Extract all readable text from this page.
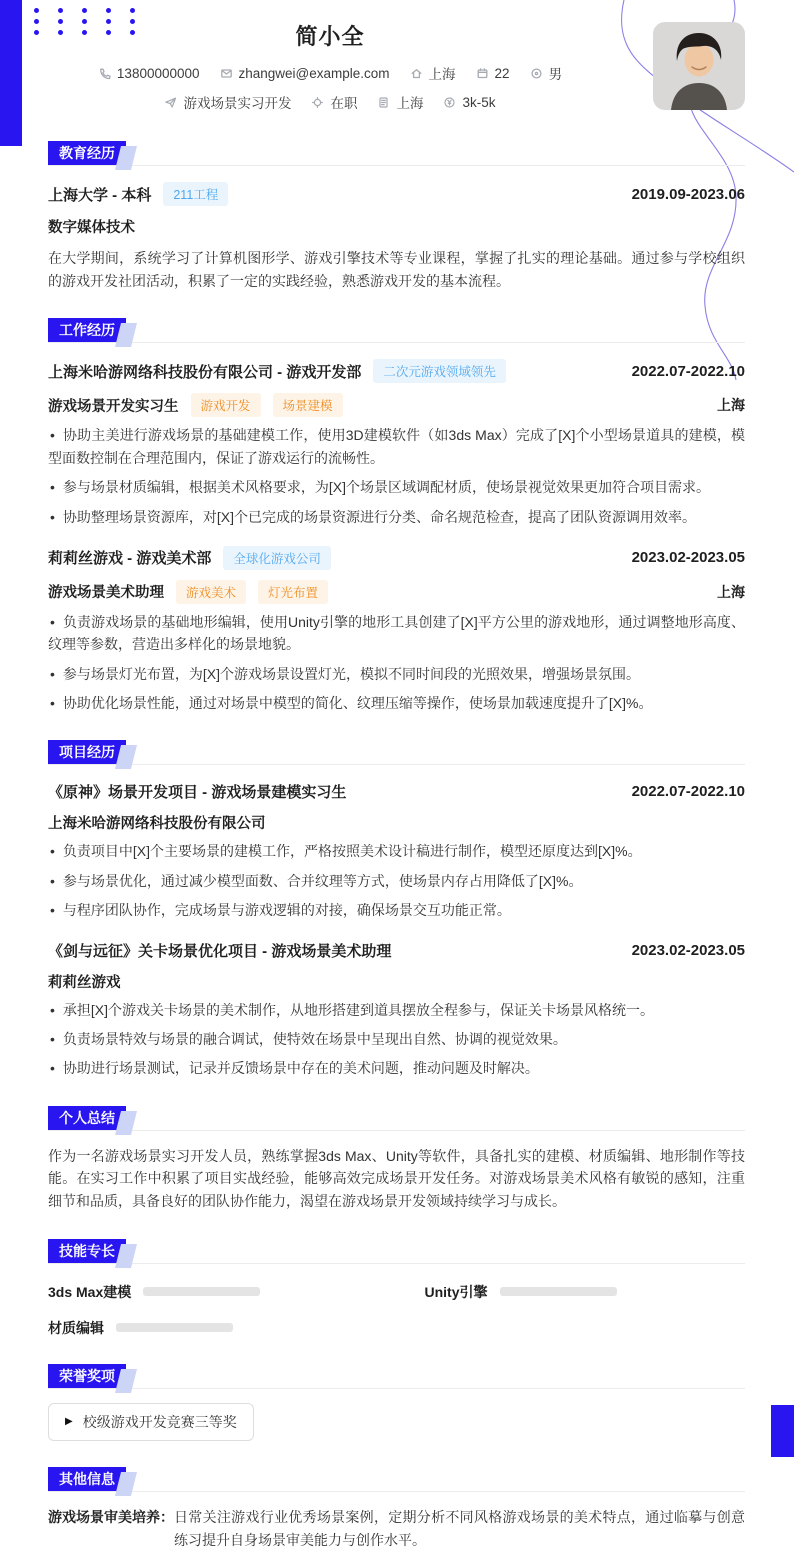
简小全
13800000000	zhangwei@example.com	上海	22	男
游戏场景实习开发	在职	上海	3k-5k
教育经历
上海大学 - 本科	211工程	2019.09-2023.06
数字媒体技术

在大学期间，系统学习了计算机图形学、游戏引擎技术等专业课程，掌握了扎实的理论基础。通过参与学校组织的游戏开发社团活动，积累了一定的实践经验，熟悉游戏开发的基本流程。

工作经历
上海米哈游网络科技股份有限公司 - 游戏开发部	二次元游戏领域领先	2022.07-2022.10
游戏场景开发实习生	游戏开发	场景建模	上海

• 协助主美进行游戏场景的基础建模工作，使用3D建模软件（如3ds Max）完成了[X]个小型场景道具的建模，模型面数控制在合理范围内，保证了游戏运行的流畅性。

• 参与场景材质编辑，根据美术风格要求，为[X]个场景区域调配材质，使场景视觉效果更加符合项目需求。

• 协助整理场景资源库，对[X]个已完成的场景资源进行分类、命名规范检查，提高了团队资源调用效率。

莉莉丝游戏 - 游戏美术部	全球化游戏公司	2023.02-2023.05
游戏场景美术助理	游戏美术	灯光布置	上海

• 负责游戏场景的基础地形编辑，使用Unity引擎的地形工具创建了[X]平方公里的游戏地形，通过调整地形高度、纹理等参数，营造出多样化的场景地貌。

• 参与场景灯光布置，为[X]个游戏场景设置灯光，模拟不同时间段的光照效果，增强场景氛围。

• 协助优化场景性能，通过对场景中模型的简化、纹理压缩等操作，使场景加载速度提升了[X]%。

项目经历
《原神》场景开发项目 - 游戏场景建模实习生	2022.07-2022.10
上海米哈游网络科技股份有限公司

• 负责项目中[X]个主要场景的建模工作，严格按照美术设计稿进行制作，模型还原度达到[X]%。

• 参与场景优化，通过减少模型面数、合并纹理等方式，使场景内存占用降低了[X]%。

• 与程序团队协作，完成场景与游戏逻辑的对接，确保场景交互功能正常。

《剑与远征》关卡场景优化项目 - 游戏场景美术助理	2023.02-2023.05
莉莉丝游戏

• 承担[X]个游戏关卡场景的美术制作，从地形搭建到道具摆放全程参与，保证关卡场景风格统一。

• 负责场景特效与场景的融合调试，使特效在场景中呈现出自然、协调的视觉效果。

• 协助进行场景测试，记录并反馈场景中存在的美术问题，推动问题及时解决。

个人总结

作为一名游戏场景实习开发人员，熟练掌握3ds Max、Unity等软件，具备扎实的建模、材质编辑、地形制作等技能。在实习工作中积累了项目实战经验，能够高效完成场景开发任务。对游戏场景美术风格有敏锐的感知，注重细节和品质，具备良好的团队协作能力，渴望在游戏场景开发领域持续学习与成长。

技能专长
3ds Max建模	Unity引擎
材质编辑
荣誉奖项
▶ 校级游戏开发竞赛三等奖
其他信息
游戏场景审美培养： 日常关注游戏行业优秀场景案例，定期分析不同风格游戏场景的美术特点，通过临摹与创意练习提升自身场景审美能力与创作水平。
